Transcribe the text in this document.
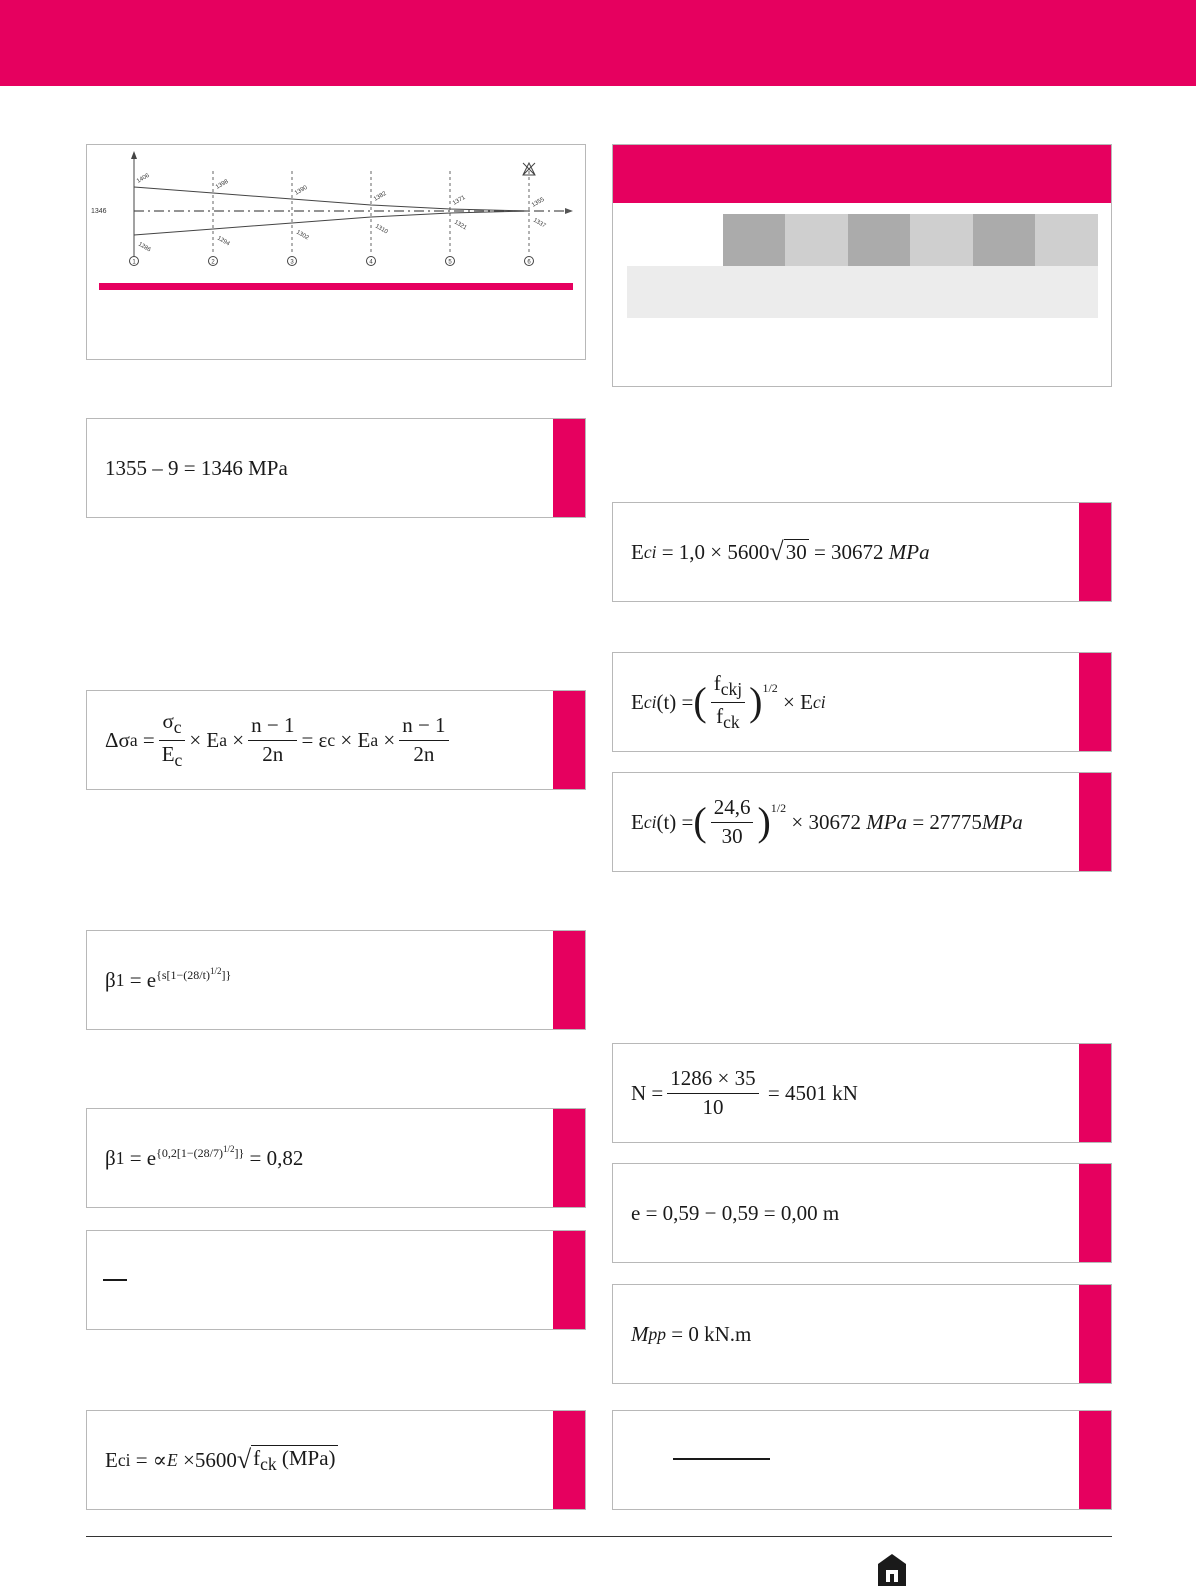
1346
1
1406
1286
2
1398
1294
3
1390
1302
4
1382
1310
5
1371
1321
6
1355
1337
1355 – 9 = 1346
MPa
E ci
= 1,0 × 5600 √ 30
= 30672
MPa
Δσ $a = \frac{\sigma_c}{E_c} \times E$ $a \times \frac{n - 1}{2n} = \varepsilon$ c × E $a \times \frac{n - 1}{2n}$
E ci (t) = ( $\frac{f_{ckj}}{f_{ck}} )^{1/2}$

× E ci
E ci (t) = ( $\frac{24,6}{30} )^{1/2}$

× 30672
MPa
= 27775 MPa
β 1 = e $^{\{s[1-(28/t)^{1/2}]\}}$
$N = \frac{1286 \times 35}{10}$
= 4501 kN
β 1 = e $^{\{0,2[1-(28/7)^{1/2}]\}}$
= 0,82
e = 0,59 − 0,59 = 0,00 m
M pp
= 0 kN.m
E ci
= ∝ E
×5600 √ $f_{ck}$ (MPa)
